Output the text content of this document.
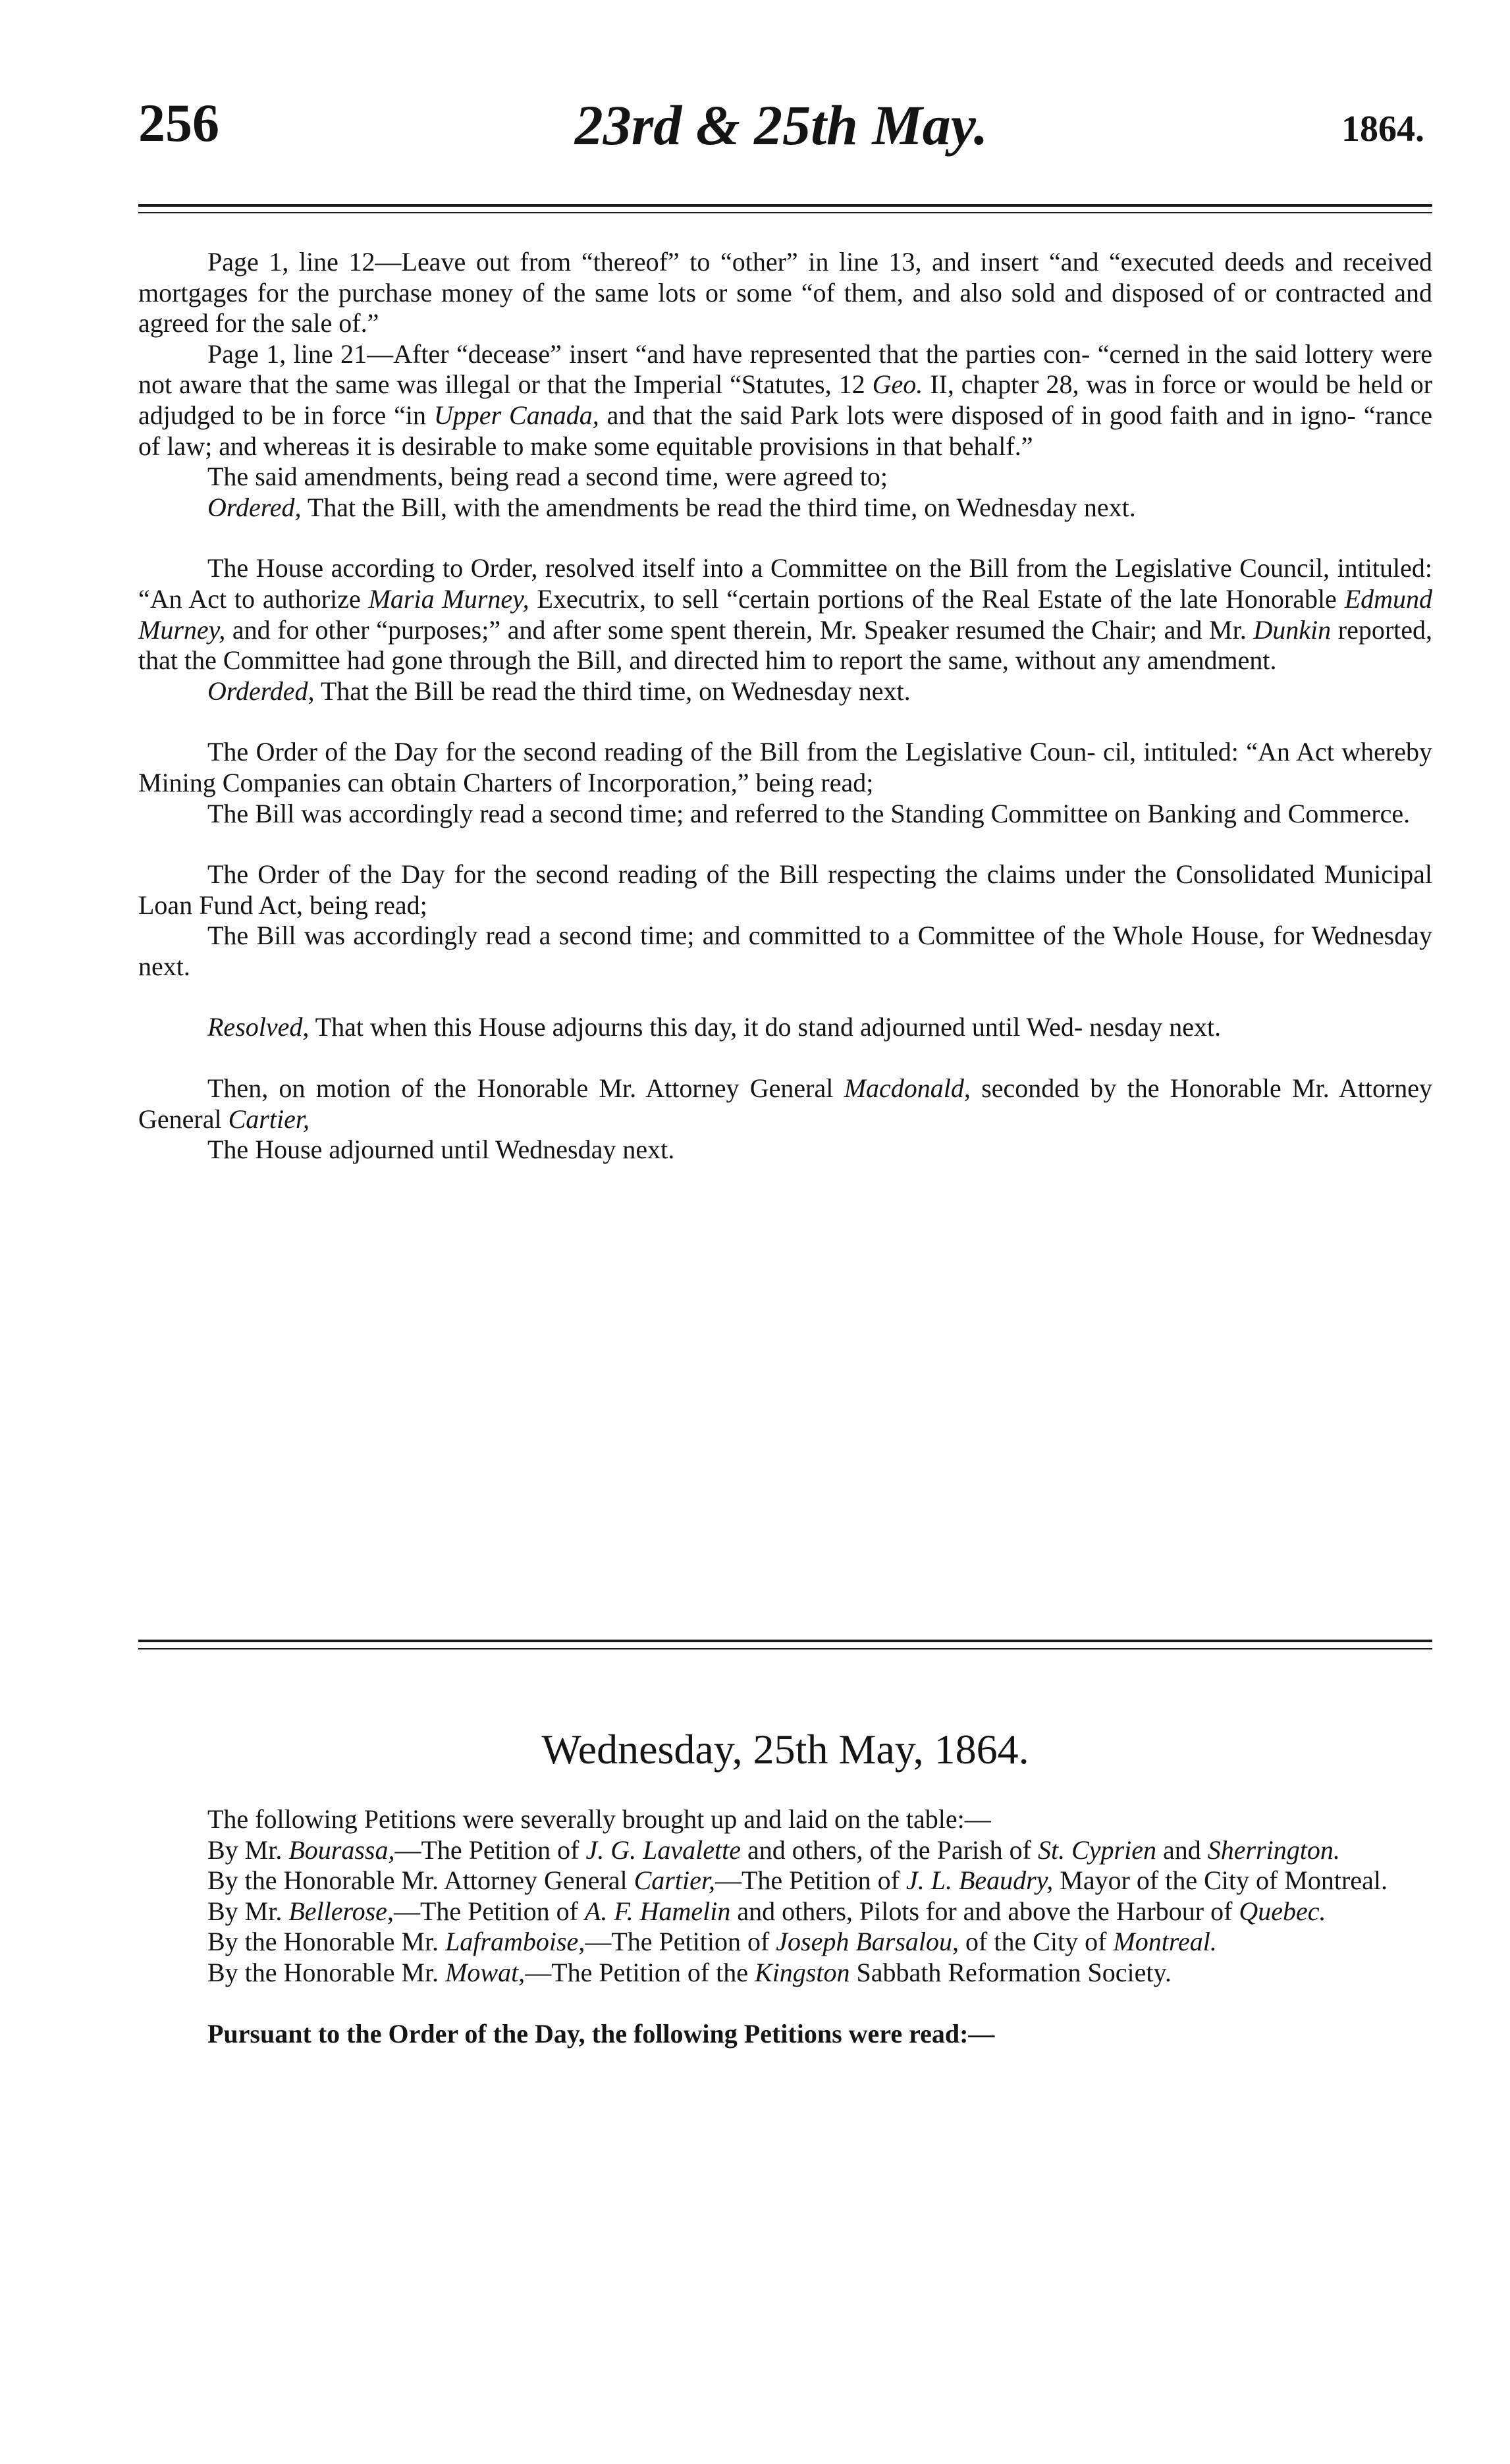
256	23rd & 25th May.	1864.

Page 1, line 12—Leave out from “thereof” to “other” in line 13, and insert “and “executed deeds and received mortgages for the purchase money of the same lots or some “of them, and also sold and disposed of or contracted and agreed for the sale of.”

Page 1, line 21—After “decease” insert “and have represented that the parties con- “cerned in the said lottery were not aware that the same was illegal or that the Imperial “Statutes, 12 Geo. II, chapter 28, was in force or would be held or adjudged to be in force “in Upper Canada, and that the said Park lots were disposed of in good faith and in igno- “rance of law; and whereas it is desirable to make some equitable provisions in that behalf.”

The said amendments, being read a second time, were agreed to;

Ordered, That the Bill, with the amendments be read the third time, on Wednesday next.

The House according to Order, resolved itself into a Committee on the Bill from the Legislative Council, intituled: “An Act to authorize Maria Murney, Executrix, to sell “certain portions of the Real Estate of the late Honorable Edmund Murney, and for other “purposes;” and after some spent therein, Mr. Speaker resumed the Chair; and Mr. Dunkin reported, that the Committee had gone through the Bill, and directed him to report the same, without any amendment.

Orderded, That the Bill be read the third time, on Wednesday next.

The Order of the Day for the second reading of the Bill from the Legislative Coun- cil, intituled: “An Act whereby Mining Companies can obtain Charters of Incorporation,” being read;

The Bill was accordingly read a second time; and referred to the Standing Committee on Banking and Commerce.

The Order of the Day for the second reading of the Bill respecting the claims under the Consolidated Municipal Loan Fund Act, being read;

The Bill was accordingly read a second time; and committed to a Committee of the Whole House, for Wednesday next.

Resolved, That when this House adjourns this day, it do stand adjourned until Wed- nesday next.

Then, on motion of the Honorable Mr. Attorney General Macdonald, seconded by the Honorable Mr. Attorney General Cartier,

The House adjourned until Wednesday next.

Wednesday, 25th May, 1864.

The following Petitions were severally brought up and laid on the table:—

By Mr. Bourassa,—The Petition of J. G. Lavalette and others, of the Parish of St. Cyprien and Sherrington.

By the Honorable Mr. Attorney General Cartier,—The Petition of J. L. Beaudry, Mayor of the City of Montreal.

By Mr. Bellerose,—The Petition of A. F. Hamelin and others, Pilots for and above the Harbour of Quebec.

By the Honorable Mr. Laframboise,—The Petition of Joseph Barsalou, of the City of Montreal.

By the Honorable Mr. Mowat,—The Petition of the Kingston Sabbath Reformation Society.

Pursuant to the Order of the Day, the following Petitions were read:—
